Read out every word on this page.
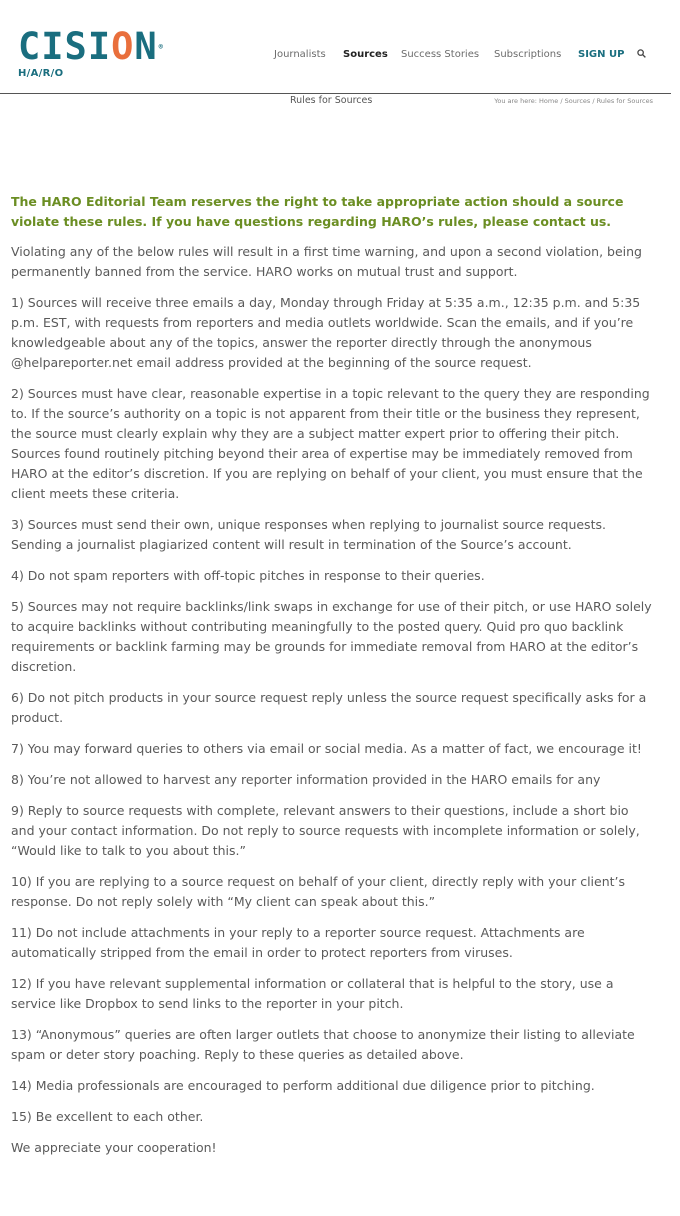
CISION®
H/A/R/O
Journalists Sources Success Stories Subscriptions SIGN UP
Rules for Sources	You are here: Home / Sources / Rules for Sources

The HARO Editorial Team reserves the right to take appropriate action should a source violate these rules. If you have questions regarding HARO’s rules, please contact us.

Violating any of the below rules will result in a first time warning, and upon a second violation, being permanently banned from the service. HARO works on mutual trust and support.

1) Sources will receive three emails a day, Monday through Friday at 5:35 a.m., 12:35 p.m. and 5:35 p.m. EST, with requests from reporters and media outlets worldwide. Scan the emails, and if you’re knowledgeable about any of the topics, answer the reporter directly through the anonymous @helpareporter.net email address provided at the beginning of the source request.

2) Sources must have clear, reasonable expertise in a topic relevant to the query they are responding to. If the source’s authority on a topic is not apparent from their title or the business they represent, the source must clearly explain why they are a subject matter expert prior to offering their pitch. Sources found routinely pitching beyond their area of expertise may be immediately removed from HARO at the editor’s discretion. If you are replying on behalf of your client, you must ensure that the client meets these criteria.

3) Sources must send their own, unique responses when replying to journalist source requests. Sending a journalist plagiarized content will result in termination of the Source’s account.

4) Do not spam reporters with off-topic pitches in response to their queries.

5) Sources may not require backlinks/link swaps in exchange for use of their pitch, or use HARO solely to acquire backlinks without contributing meaningfully to the posted query. Quid pro quo backlink requirements or backlink farming may be grounds for immediate removal from HARO at the editor’s discretion.

6) Do not pitch products in your source request reply unless the source request specifically asks for a product.

7) You may forward queries to others via email or social media. As a matter of fact, we encourage it!

8) You’re not allowed to harvest any reporter information provided in the HARO emails for any

9) Reply to source requests with complete, relevant answers to their questions, include a short bio and your contact information. Do not reply to source requests with incomplete information or solely, “Would like to talk to you about this.”

10) If you are replying to a source request on behalf of your client, directly reply with your client’s response. Do not reply solely with “My client can speak about this.”

11) Do not include attachments in your reply to a reporter source request. Attachments are automatically stripped from the email in order to protect reporters from viruses.

12) If you have relevant supplemental information or collateral that is helpful to the story, use a service like Dropbox to send links to the reporter in your pitch.

13) “Anonymous” queries are often larger outlets that choose to anonymize their listing to alleviate spam or deter story poaching. Reply to these queries as detailed above.

14) Media professionals are encouraged to perform additional due diligence prior to pitching.

15) Be excellent to each other.

We appreciate your cooperation!
